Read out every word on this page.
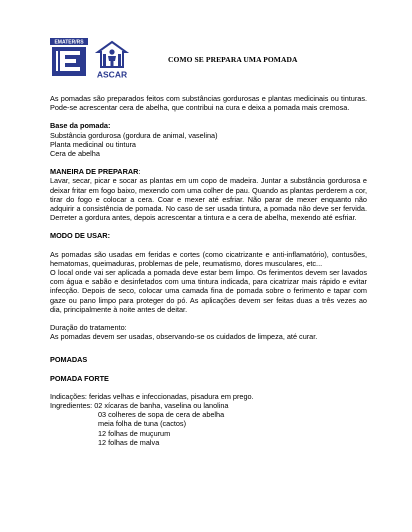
EMATER/RS
ASCAR
COMO SE PREPARA UMA POMADA

As pomadas são preparados feitos com substâncias gordurosas e plantas medicinais ou tinturas. Pode-se acrescentar cera de abelha, que contribui na cura e deixa a pomada mais cremosa.

Base da pomada:
Substância gordurosa (gordura de animal, vaselina)
Planta medicinal ou tintura
Cera de abelha
MANEIRA DE PREPARAR:

Lavar, secar, picar e socar as plantas em um copo de madeira. Juntar a substância gordurosa e deixar fritar em fogo baixo, mexendo com uma colher de pau. Quando as plantas perderem a cor, tirar do fogo e colocar a cera. Coar e mexer até esfriar. Não parar de mexer enquanto não adquirir a consistência de pomada. No caso de ser usada tintura, a pomada não deve ser fervida. Derreter a gordura antes, depois acrescentar a tintura e a cera de abelha, mexendo até esfriar.

MODO DE USAR:

As pomadas são usadas em feridas e cortes (como cicatrizante e anti-inflamatório), contusões, hematomas, queimaduras, problemas de pele, reumatismo, dores musculares, etc...

O local onde vai ser aplicada a pomada deve estar bem limpo. Os ferimentos devem ser lavados com água e sabão e desinfetados com uma tintura indicada, para cicatrizar mais rápido e evitar infecção. Depois de seco, colocar uma camada fina de pomada sobre o ferimento e tapar com gaze ou pano limpo para proteger do pó. As aplicações devem ser feitas duas a três vezes ao dia, principalmente à noite antes de deitar.

Duração do tratamento:
As pomadas devem ser usadas, observando-se os cuidados de limpeza, até curar.
POMADAS
POMADA FORTE
Indicações: feridas velhas e infeccionadas, pisadura em prego.
Ingredientes: 02 xícaras de banha, vaselina ou lanolina
03 colheres de sopa de cera de abelha
meia folha de tuna (cactos)
12 folhas de muçurum
12 folhas de malva
